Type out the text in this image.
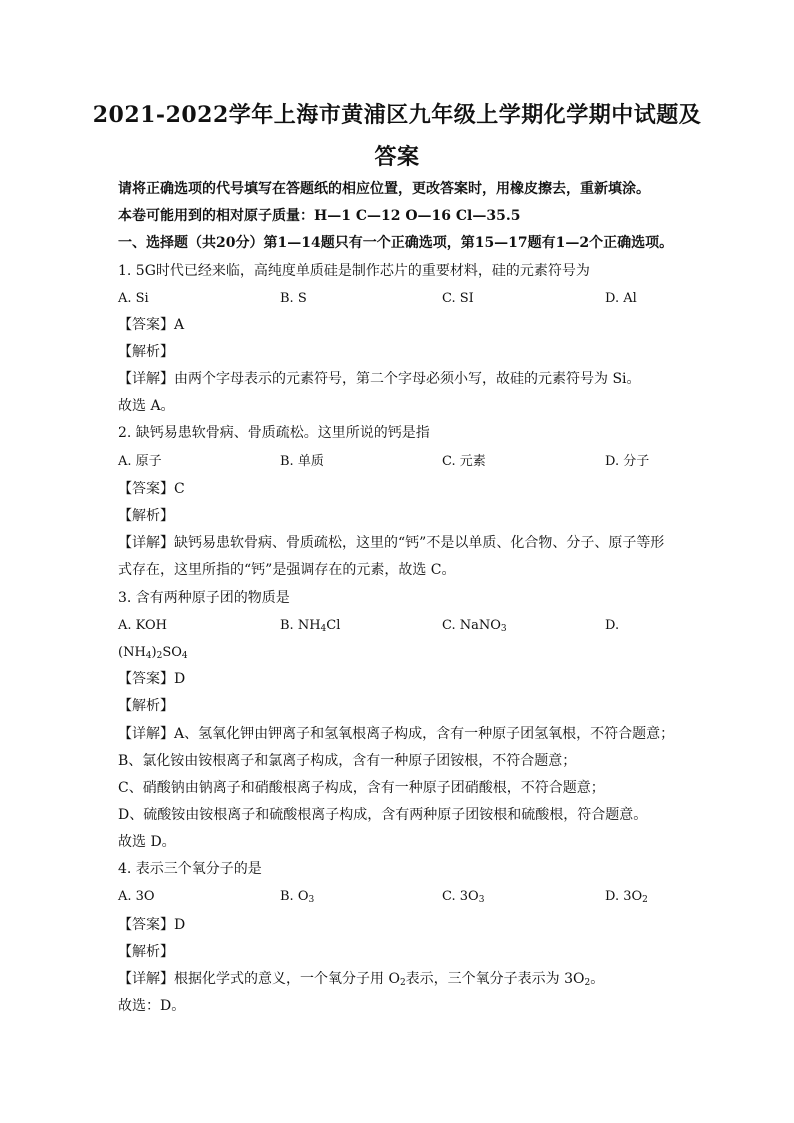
2021-2022学年上海市黄浦区九年级上学期化学期中试题及
答案
请将正确选项的代号填写在答题纸的相应位置，更改答案时，用橡皮擦去，重新填涂。
本卷可能用到的相对原子质量：H—1 C—12 O—16 Cl—35.5
一、选择题（共20分）第1—14题只有一个正确选项，第15—17题有1—2个正确选项。
1. 5G时代已经来临，高纯度单质硅是制作芯片的重要材料，硅的元素符号为
A. Si	B. S	C. SI	D. Al
【答案】A
【解析】
【详解】由两个字母表示的元素符号，第二个字母必须小写，故硅的元素符号为 Si。
故选 A。
2. 缺钙易患软骨病、骨质疏松。这里所说的钙是指
A. 原子	B. 单质	C. 元素	D. 分子
【答案】C
【解析】
【详解】缺钙易患软骨病、骨质疏松，这里的“钙”不是以单质、化合物、分子、原子等形
式存在，这里所指的“钙”是强调存在的元素，故选 C。
3. 含有两种原子团的物质是
A. KOH	B. $NH_4Cl$	C. NaNO$_3$	D.
$(NH_4)_2SO_4$
【答案】D
【解析】
【详解】A、氢氧化钾由钾离子和氢氧根离子构成，含有一种原子团氢氧根，不符合题意；
B、氯化铵由铵根离子和氯离子构成，含有一种原子团铵根，不符合题意；
C、硝酸钠由钠离子和硝酸根离子构成，含有一种原子团硝酸根，不符合题意；
D、硫酸铵由铵根离子和硫酸根离子构成，含有两种原子团铵根和硫酸根，符合题意。
故选 D。
4. 表示三个氧分子的是
A. 3O	B. $O_3$	C. $3O_3$	D. $3O_2$
【答案】D
【解析】
【详解】根据化学式的意义，一个氧分子用 $O_2$表示，三个氧分子表示为 $3O_2$。
故选：D。
